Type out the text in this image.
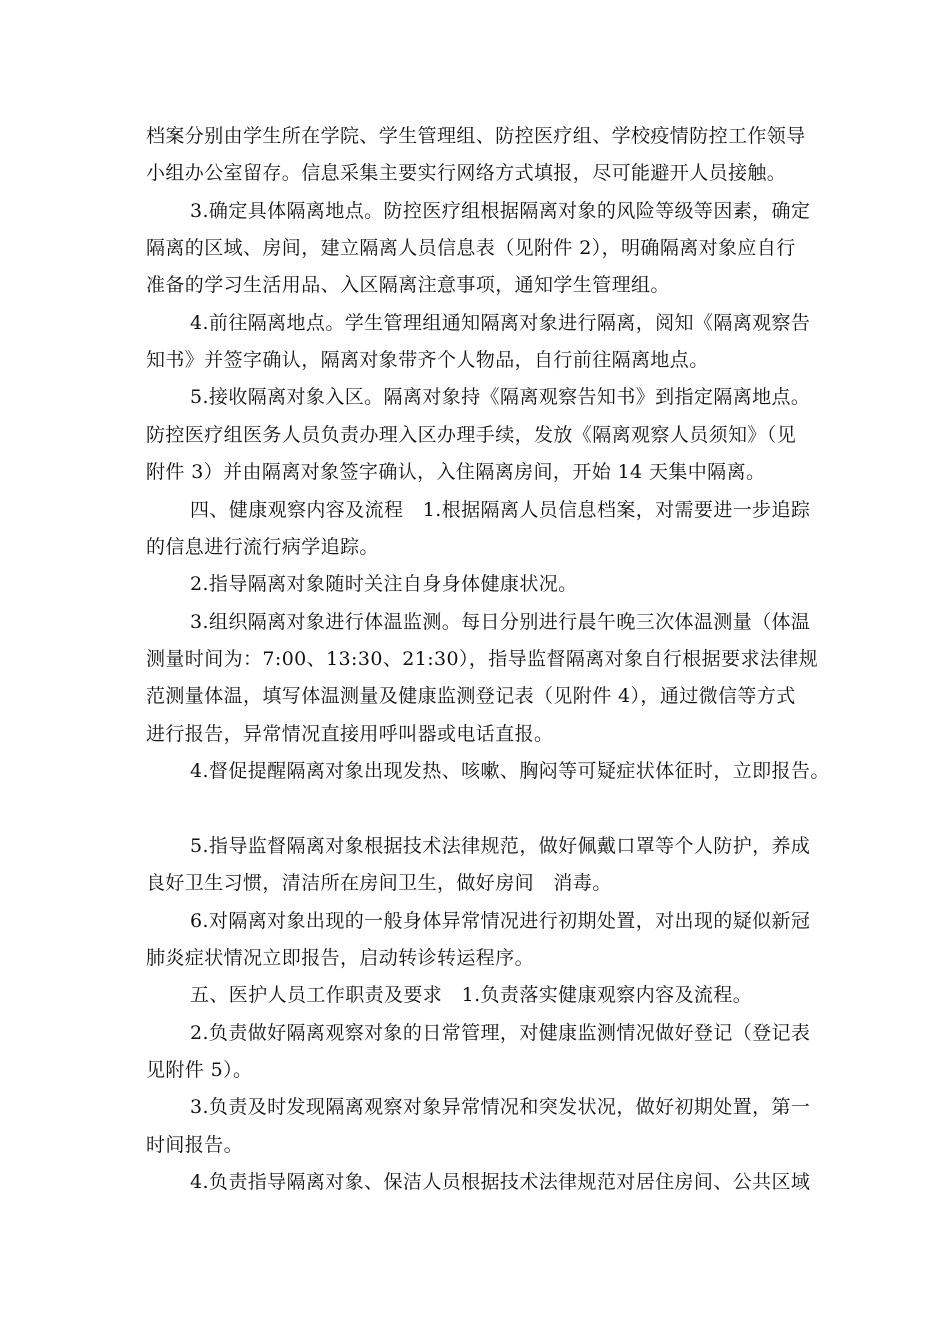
档案分别由学生所在学院、学生管理组、防控医疗组、学校疫情防控工作领导
小组办公室留存。信息采集主要实行网络方式填报，尽可能避开人员接触。
3.确定具体隔离地点。防控医疗组根据隔离对象的风险等级等因素，确定
隔离的区域、房间，建立隔离人员信息表（见附件 2），明确隔离对象应自行
准备的学习生活用品、入区隔离注意事项，通知学生管理组。
4.前往隔离地点。学生管理组通知隔离对象进行隔离，阅知《隔离观察告
知书》并签字确认，隔离对象带齐个人物品，自行前往隔离地点。
5.接收隔离对象入区。隔离对象持《隔离观察告知书》到指定隔离地点。
防控医疗组医务人员负责办理入区办理手续，发放《隔离观察人员须知》（见
附件 3）并由隔离对象签字确认，入住隔离房间，开始 14 天集中隔离。
四、健康观察内容及流程　1.根据隔离人员信息档案，对需要进一步追踪
的信息进行流行病学追踪。
2.指导隔离对象随时关注自身身体健康状况。
3.组织隔离对象进行体温监测。每日分别进行晨午晚三次体温测量（体温
测量时间为：7:00、13:30、21:30），指导监督隔离对象自行根据要求法律规
范测量体温，填写体温测量及健康监测登记表（见附件 4），通过微信等方式
进行报告，异常情况直接用呼叫器或电话直报。
4.督促提醒隔离对象出现发热、咳嗽、胸闷等可疑症状体征时，立即报告。
5.指导监督隔离对象根据技术法律规范，做好佩戴口罩等个人防护，养成
良好卫生习惯，清洁所在房间卫生，做好房间　消毒。
6.对隔离对象出现的一般身体异常情况进行初期处置，对出现的疑似新冠
肺炎症状情况立即报告，启动转诊转运程序。
五、医护人员工作职责及要求　1.负责落实健康观察内容及流程。
2.负责做好隔离观察对象的日常管理，对健康监测情况做好登记（登记表
见附件 5）。
3.负责及时发现隔离观察对象异常情况和突发状况，做好初期处置，第一
时间报告。
4.负责指导隔离对象、保洁人员根据技术法律规范对居住房间、公共区域
